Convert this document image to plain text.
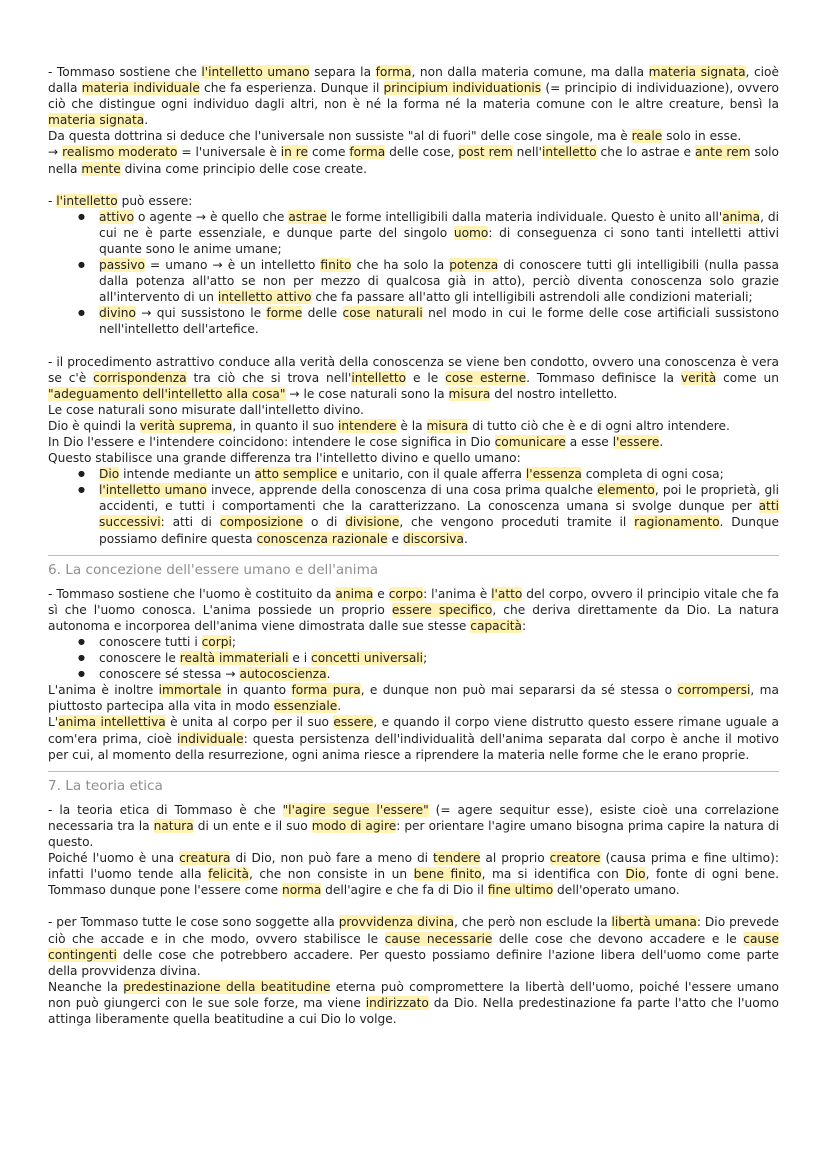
- Tommaso sostiene che l'intelletto umano separa la forma, non dalla materia comune, ma dalla materia signata, cioè dalla materia individuale che fa esperienza. Dunque il principium individuationis (= principio di individuazione), ovvero ciò che distingue ogni individuo dagli altri, non è né la forma né la materia comune con le altre creature, bensì la materia signata.

Da questa dottrina si deduce che l'universale non sussiste "al di fuori" delle cose singole, ma è reale solo in esse.

→ realismo moderato = l'universale è in re come forma delle cose, post rem nell'intelletto che lo astrae e ante rem solo nella mente divina come principio delle cose create.

- l'intelletto può essere:

● attivo o agente → è quello che astrae le forme intelligibili dalla materia individuale. Questo è unito all'anima, di cui ne è parte essenziale, e dunque parte del singolo uomo: di conseguenza ci sono tanti intelletti attivi quante sono le anime umane;
● passivo = umano → è un intelletto finito che ha solo la potenza di conoscere tutti gli intelligibili (nulla passa dalla potenza all'atto se non per mezzo di qualcosa già in atto), perciò diventa conoscenza solo grazie all'intervento di un intelletto attivo che fa passare all'atto gli intelligibili astrendoli alle condizioni materiali;
● divino → qui sussistono le forme delle cose naturali nel modo in cui le forme delle cose artificiali sussistono nell'intelletto dell'artefice.

- il procedimento astrattivo conduce alla verità della conoscenza se viene ben condotto, ovvero una conoscenza è vera se c'è corrispondenza tra ciò che si trova nell'intelletto e le cose esterne. Tommaso definisce la verità come un "adeguamento dell'intelletto alla cosa" → le cose naturali sono la misura del nostro intelletto.

Le cose naturali sono misurate dall'intelletto divino.

Dio è quindi la verità suprema, in quanto il suo intendere è la misura di tutto ciò che è e di ogni altro intendere.

In Dio l'essere e l'intendere coincidono: intendere le cose significa in Dio comunicare a esse l'essere.

Questo stabilisce una grande differenza tra l'intelletto divino e quello umano:

● Dio intende mediante un atto semplice e unitario, con il quale afferra l'essenza completa di ogni cosa;
● l'intelletto umano invece, apprende della conoscenza di una cosa prima qualche elemento, poi le proprietà, gli accidenti, e tutti i comportamenti che la caratterizzano. La conoscenza umana si svolge dunque per atti successivi: atti di composizione o di divisione, che vengono proceduti tramite il ragionamento. Dunque possiamo definire questa conoscenza razionale e discorsiva.
6. La concezione dell'essere umano e dell'anima

- Tommaso sostiene che l'uomo è costituito da anima e corpo: l'anima è l'atto del corpo, ovvero il principio vitale che fa sì che l'uomo conosca. L'anima possiede un proprio essere specifico, che deriva direttamente da Dio. La natura autonoma e incorporea dell'anima viene dimostrata dalle sue stesse capacità:

● conoscere tutti i corpi;
● conoscere le realtà immateriali e i concetti universali;
● conoscere sé stessa → autocoscienza.

L'anima è inoltre immortale in quanto forma pura, e dunque non può mai separarsi da sé stessa o corrompersi, ma piuttosto partecipa alla vita in modo essenziale.

L'anima intellettiva è unita al corpo per il suo essere, e quando il corpo viene distrutto questo essere rimane uguale a com'era prima, cioè individuale: questa persistenza dell'individualità dell'anima separata dal corpo è anche il motivo per cui, al momento della resurrezione, ogni anima riesce a riprendere la materia nelle forme che le erano proprie.

7. La teoria etica

- la teoria etica di Tommaso è che "l'agire segue l'essere" (= agere sequitur esse), esiste cioè una correlazione necessaria tra la natura di un ente e il suo modo di agire: per orientare l'agire umano bisogna prima capire la natura di questo.

Poiché l'uomo è una creatura di Dio, non può fare a meno di tendere al proprio creatore (causa prima e fine ultimo): infatti l'uomo tende alla felicità, che non consiste in un bene finito, ma si identifica con Dio, fonte di ogni bene. Tommaso dunque pone l'essere come norma dell'agire e che fa di Dio il fine ultimo dell'operato umano.

- per Tommaso tutte le cose sono soggette alla provvidenza divina, che però non esclude la libertà umana: Dio prevede ciò che accade e in che modo, ovvero stabilisce le cause necessarie delle cose che devono accadere e le cause contingenti delle cose che potrebbero accadere. Per questo possiamo definire l'azione libera dell'uomo come parte della provvidenza divina.

Neanche la predestinazione della beatitudine eterna può compromettere la libertà dell'uomo, poiché l'essere umano non può giungerci con le sue sole forze, ma viene indirizzato da Dio. Nella predestinazione fa parte l'atto che l'uomo attinga liberamente quella beatitudine a cui Dio lo volge.
